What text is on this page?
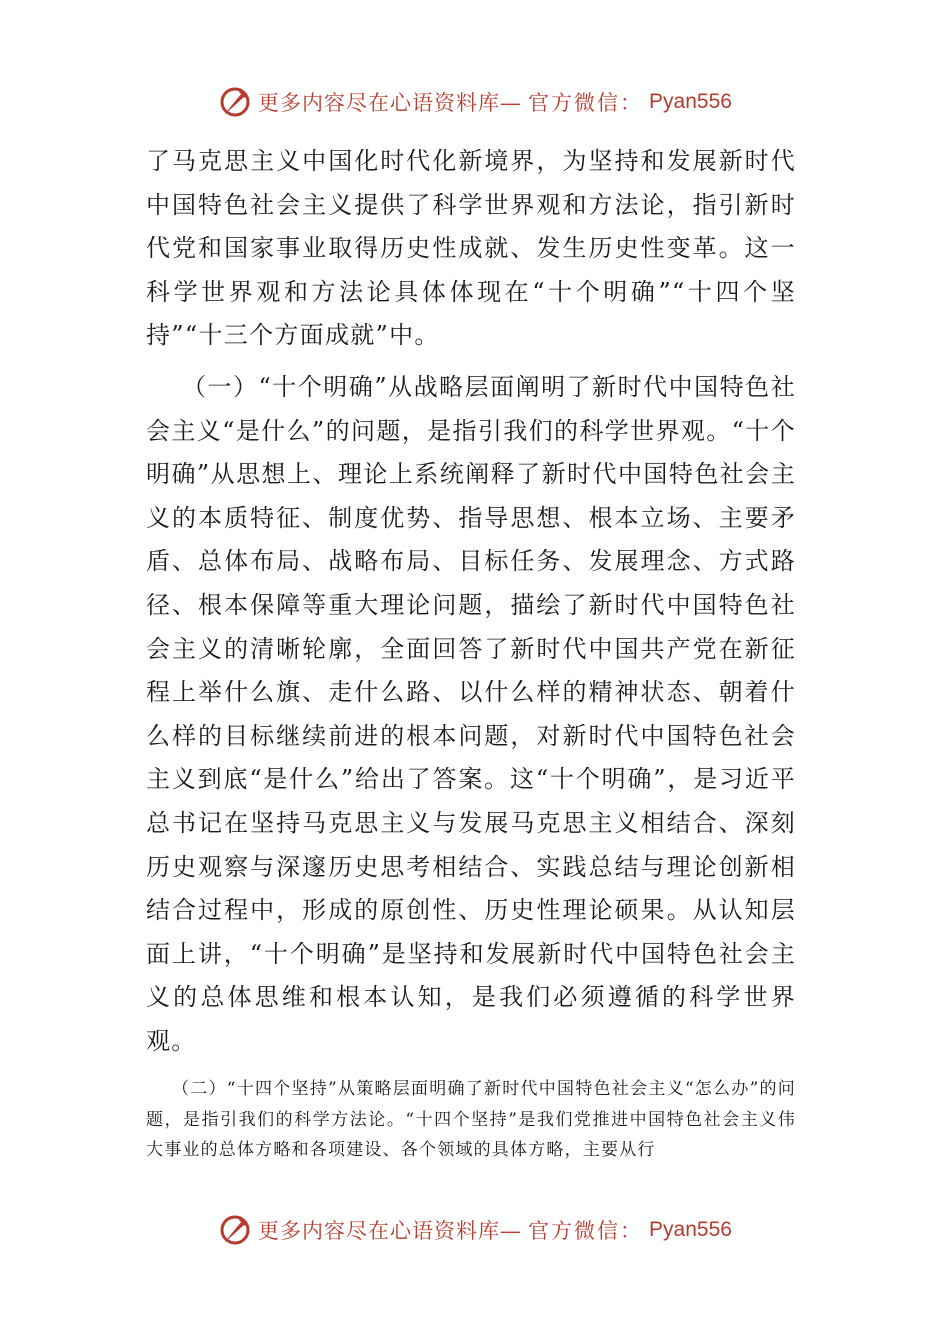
更多内容尽在心语资料库— 官方微信： Pyan556

了马克思主义中国化时代化新境界，为坚持和发展新时代中国特色社会主义提供了科学世界观和方法论，指引新时代党和国家事业取得历史性成就、发生历史性变革。这一科学世界观和方法论具体体现在“十个明确”“十四个坚持”“十三个方面成就”中。

（一）“十个明确”从战略层面阐明了新时代中国特色社会主义“是什么”的问题，是指引我们的科学世界观。“十个明确”从思想上、理论上系统阐释了新时代中国特色社会主义的本质特征、制度优势、指导思想、根本立场、主要矛盾、总体布局、战略布局、目标任务、发展理念、方式路径、根本保障等重大理论问题，描绘了新时代中国特色社会主义的清晰轮廓，全面回答了新时代中国共产党在新征程上举什么旗、走什么路、以什么样的精神状态、朝着什么样的目标继续前进的根本问题，对新时代中国特色社会主义到底“是什么”给出了答案。这“十个明确”，是习近平总书记在坚持马克思主义与发展马克思主义相结合、深刻历史观察与深邃历史思考相结合、实践总结与理论创新相结合过程中，形成的原创性、历史性理论硕果。从认知层面上讲，“十个明确”是坚持和发展新时代中国特色社会主义的总体思维和根本认知，是我们必须遵循的科学世界观。

（二）“十四个坚持”从策略层面明确了新时代中国特色社会主义“怎么办”的问题，是指引我们的科学方法论。“十四个坚持”是我们党推进中国特色社会主义伟大事业的总体方略和各项建设、各个领域的具体方略，主要从行

更多内容尽在心语资料库— 官方微信： Pyan556
